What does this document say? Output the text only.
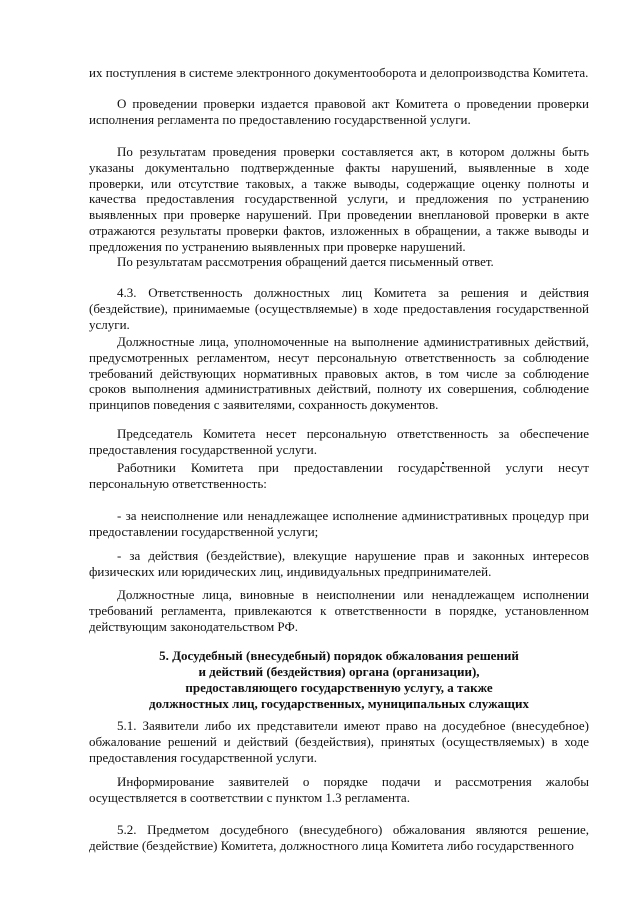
их поступления в системе электронного документооборота и делопроизводства Комитета.

О проведении проверки издается правовой акт Комитета о проведении проверки исполнения регламента по предоставлению государственной услуги.

По результатам проведения проверки составляется акт, в котором должны быть указаны документально подтвержденные факты нарушений, выявленные в ходе проверки, или отсутствие таковых, а также выводы, содержащие оценку полноты и качества предоставления государственной услуги, и предложения по устранению выявленных при проверке нарушений. При проведении внеплановой проверки в акте отражаются результаты проверки фактов, изложенных в обращении, а также выводы и предложения по устранению выявленных при проверке нарушений.

По результатам рассмотрения обращений дается письменный ответ.

4.3. Ответственность должностных лиц Комитета за решения и действия (бездействие), принимаемые (осуществляемые) в ходе предоставления государственной услуги.

Должностные лица, уполномоченные на выполнение административных действий, предусмотренных регламентом, несут персональную ответственность за соблюдение требований действующих нормативных правовых актов, в том числе за соблюдение сроков выполнения административных действий, полноту их совершения, соблюдение принципов поведения с заявителями, сохранность документов.

Председатель Комитета несет персональную ответственность за обеспечение предоставления государственной услуги.

Работники Комитета при предоставлении государственной услуги несут персональную ответственность:

- за неисполнение или ненадлежащее исполнение административных процедур при предоставлении государственной услуги;

- за действия (бездействие), влекущие нарушение прав и законных интересов физических или юридических лиц, индивидуальных предпринимателей.

Должностные лица, виновные в неисполнении или ненадлежащем исполнении требований регламента, привлекаются к ответственности в порядке, установленном действующим законодательством РФ.

5. Досудебный (внесудебный) порядок обжалования решений
и действий (бездействия) органа (организации),
предоставляющего государственную услугу, а также
должностных лиц, государственных, муниципальных служащих

5.1. Заявители либо их представители имеют право на досудебное (внесудебное) обжалование решений и действий (бездействия), принятых (осуществляемых) в ходе предоставления государственной услуги.

Информирование заявителей о порядке подачи и рассмотрения жалобы осуществляется в соответствии с пунктом 1.3 регламента.

5.2. Предметом досудебного (внесудебного) обжалования являются решение, действие (бездействие) Комитета, должностного лица Комитета либо государственного
